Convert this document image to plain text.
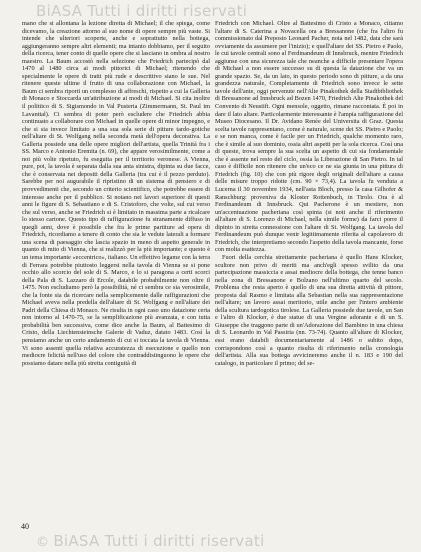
BiASA Tutti i diritti riservati

mano che si allontana la lezione diretta di Michael; il che spiega, come dicevamo, la creazione attorno al suo nome di opere sempre più vaste. Si intende che ulteriori scoperte, anche e soprattutto nella bottega, aggiungeranno sempre altri elementi; ma intanto dobbiamo, per il seguito della ricerca, tener conto di quelle opere che si lasciano in ombra al nostro maestro. La Baum accostò nella selezione che Friedrich partecipò dal 1470 al 1480 circa ai modi pittorici di Michael; ritenendo che specialmente le opere di tratti più rude e descrittivo siano le sue. Nel ritenere queste ultime il frutto di una collaborazione con Michael, la Baum ci sembra riporti un complesso di affreschi, rispetto a cui la Galleria di Monaco e Stoccarda un'attribuzione ai modi di Michael. Si cita inoltre il polittico di S. Sigismondo in Val Pusteria (Zimmermann, St. Paul im Lavanttal). Ci sembra di poter però escludere che Friedrich abbia continuato a collaborare con Michael in quelle opere di minor impegno, e che si sia invece limitato a una sua sola serie di pitture tardo-gotiche nell'altare di St. Wolfgang nella seconda metà dell'opera decorativa. La Galleria possiede una delle opere migliori dell'artista, quella Trinità fra i SS. Marco e Antonio Eremita (n. 69), che appare verosimilmente, come a noi più volte ripetuto, fu eseguita per il territorio veronese. A Vienna, pure, poi, la tavola è separata dalla sua anta sinistra, dipinta su due facce, che è conservata nei depositi della Galleria (tra cui è il pezzo perduto). Sarebbe per noi augurabile il ripristino di un sistema di pensiero e di provvedimenti che, secondo un criterio scientifico, che potrebbe essere di interesse anche per il pubblico. Si notano nei lavori superiore di questi anni le figure di S. Sebastiano e di S. Cristoforo, che volte, sul cui verso che sul verso, anche se Friedrich si è limitato in massima parte a ricalcare lo stesso cartone. Questo tipo di raffigurazione fu stranamente diffuso in quegli anni, dove è possibile che fra le prime partiture ad opera di Friedrich, ricordiamo a tenere di conto che sia le vedute laterali a formare una scena di paesaggio che lascia spazio in meno di aspetto generale in quanto di mito di Vienna, che si realizzò per la più importante; e questo è un tema importante «eccentrico», italiano. Un effettivo legame con la terra di Ferrara potrebbe piuttosto leggersi nella tavola di Vienna se si pone occhio allo scorcio del sole di S. Marco, e lo si paragona a certi scorci della Pala di S. Lazzaro di Ercole, databile probabilmente non oltre il 1475. Non escludiamo però la possibilità, né ci sembra ce sia verosimile, che la fonte sia da ricercare nella semplicemente dalle raffigurazioni che Michael aveva nella predella dell'altare di St. Wolfgang e nell'altare dei Padri della Chiesa di Monaco. Ne risulta in ogni caso uno datazione certa non intorno al 1470-75, se la semplificazione più avanzata, e con tutta probabilità ben successiva, come dice anche la Baum, al Battesimo di Cristo, della Liechtensteinsche Galerie di Vaduz, datato 1483. Così la pensiamo anche un certo andamento di cui si toccata la tavola di Vienna. Vi sono assenti quella relativa accuratezza di esecuzione e quello non mediocre felicità nell'uso del colore che contraddistinguono le opere che possiamo datare nella più stretta contiguità di

Friedrich con Michael. Oltre al Battesimo di Cristo a Monaco, citiamo l'altare di S. Caterina a Novacella ora a Bressanone (che fra l'altro fu commissionato dal Preposto Leonard Pacher, nota nel 1482, data che sarà ovviamente da assumere per l'inizio); e quell'altare dei SS. Pietro e Paolo, le cui tavole centrali sono al Ferdinandeum di Innsbruck, mentre Friedrich aggiunse con una sicurezza tale che neanche a difficile presentare l'opera di Michael a non essere successo su di questa la datazione che va un grande spazio. Se, da un lato, in questo periodo sono di pitture, a da una grandezza naturale, Completamente di Friedrich sono invece le sette tavole dell'ante, oggi pervenute nell'Alte Pinakothek della Stadtbibliothek di Bressanone ad Innsbruck ad Bozen 1470, Friedrich Alte Pinakothek del Convento di Neustift. Ogni mensole, oggetto, rimane raccontata. È poi in dare il lato altare. Particolarmente interessante è l'ampia raffigurazione del Museo Diocesano. Il Dr. Avidano Renée del Universita di Graz. Questa scelta tavole rappresentano, come è naturale, scene dei SS. Pietro e Paolo; e se non manca, come è facile per un Friedrich, qualche momento raro, che è simile al suo dominio, ossia altri aspetti per la sola ricerca. Così una di queste, trova sempre la sua scelta un aspetto di cui sia fondamentale che è assente nel resto del ciclo, ossia la Liberazione di San Pietro. In tal caso è difficile non ritenere che un'eco ce ne sia giunta in una pittura di Friedrich (fig. 10) che con più rigore degli originali dell'altare a causa delle misure troppo ridotte (cm. 90 × 73,4). La tavola fu venduta a Lucerna il 30 novembre 1934, nell'asta Bloch, presso la casa Gilhofer & Ranschburg: proveniva da Kloster Rottenbuch, in Tirolo. Ora è al Ferdinandeum di Innsbruck. Qui Pacherone è un mestiere, non un'accentuazione pacheriana così spinta (si noti anche il riferimento all'altare di S. Lorenzo di Michael, nella simile forme) da farci porre il dipinto in stretta connessione con l'altare di St. Wolfgang. La tavola del Ferdinandeum può dunque venir legittimamente riferita al capolavoro di Friedrich, che interpretiamo secondo l'aspetto della tavola mancante, forse con molta esattezza.

Fuori della cerchia strettamente pacheriana è quello Hans Klocker, scultore non privo di meriti ma anch'egli spesso svilito da una partecipazione massiccia e assai mediocre della bottega, che tenne banco nella zona di Bressanone e Bolzano nell'ultimo quarto del secolo. Problema che resta aperto è quello di una sua diretta attività di pittore, proposta dal Rasmo e limitata alla Sebastian nella sua rappresentazione nell'altare; un lavoro assai meritorio, utile anche per l'intero ambiente della scultura tardogotica tirolese. La Galleria possiede due tavole, un San e l'altro di Klocker, è due statue di una Vergine adorante e di un S. Giuseppe che traggono parte di un'Adorazione del Bambino in una chiesa di S. Leonardo in Val Passiria (nn. 73-74). Quanto all'altare di Klocker, essi erano databili documentariamente al 1486 o subito dopo, corrispondono così a quanto risulta di riferimento nella cronologia dell'artista. Alla sua bottega avvicineremo anche il n. 183 e 190 del catalogo, in particolare il primo; del se-

40
© BiASA Tutti i diritti riservati
